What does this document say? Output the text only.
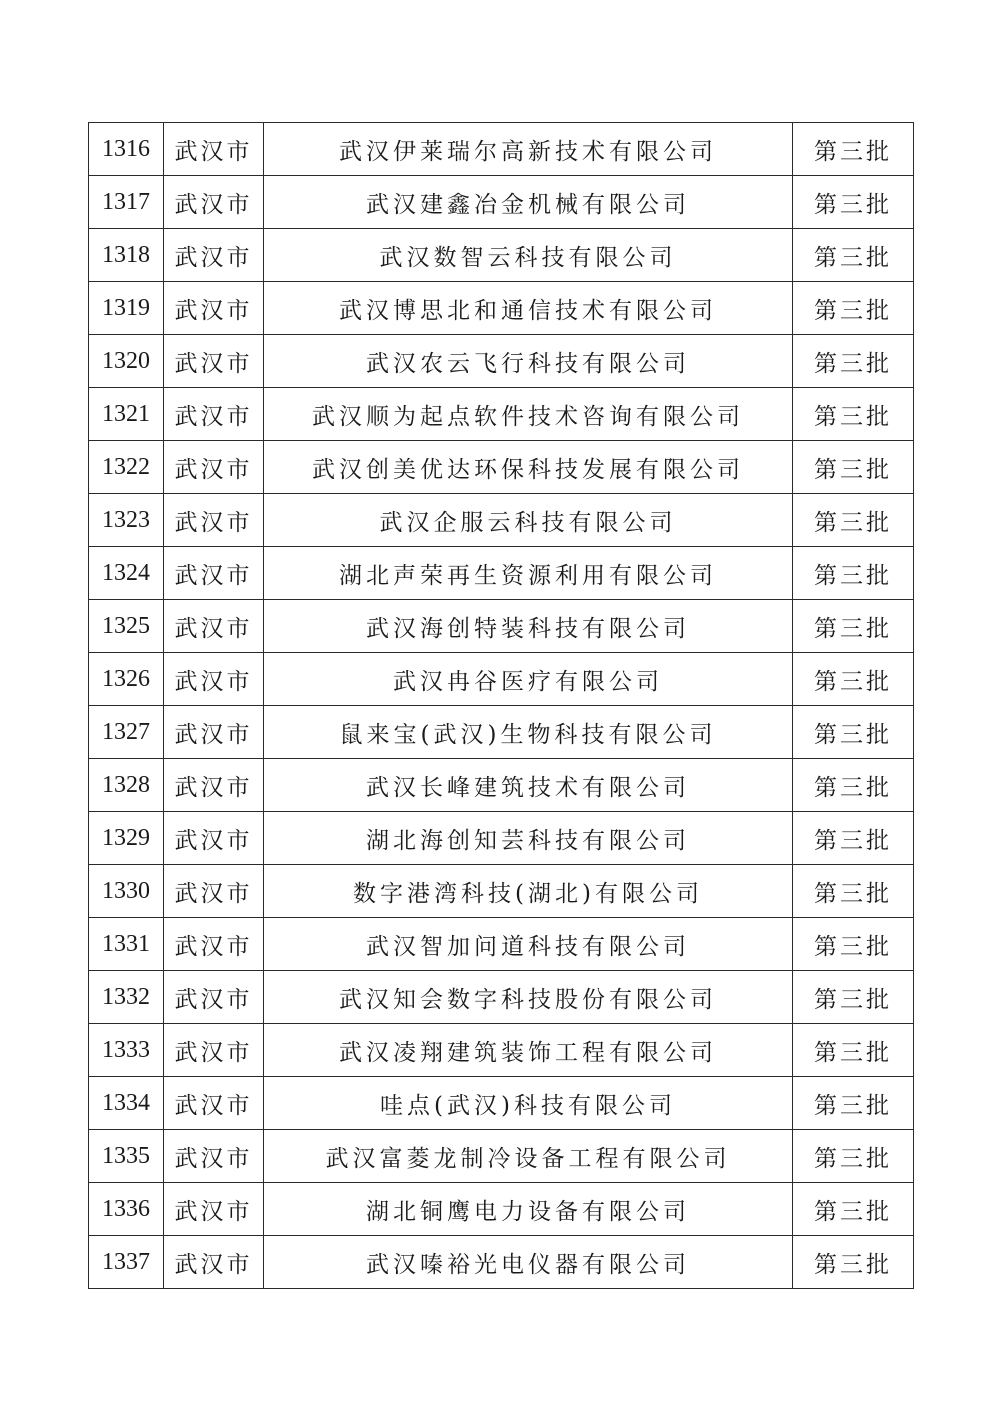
1316	武汉市	武汉伊莱瑞尔高新技术有限公司	第三批
1317	武汉市	武汉建鑫冶金机械有限公司	第三批
1318	武汉市	武汉数智云科技有限公司	第三批
1319	武汉市	武汉博思北和通信技术有限公司	第三批
1320	武汉市	武汉农云飞行科技有限公司	第三批
1321	武汉市	武汉顺为起点软件技术咨询有限公司	第三批
1322	武汉市	武汉创美优达环保科技发展有限公司	第三批
1323	武汉市	武汉企服云科技有限公司	第三批
1324	武汉市	湖北声荣再生资源利用有限公司	第三批
1325	武汉市	武汉海创特装科技有限公司	第三批
1326	武汉市	武汉冉谷医疗有限公司	第三批
1327	武汉市	鼠来宝(武汉)生物科技有限公司	第三批
1328	武汉市	武汉长峰建筑技术有限公司	第三批
1329	武汉市	湖北海创知芸科技有限公司	第三批
1330	武汉市	数字港湾科技(湖北)有限公司	第三批
1331	武汉市	武汉智加问道科技有限公司	第三批
1332	武汉市	武汉知会数字科技股份有限公司	第三批
1333	武汉市	武汉凌翔建筑装饰工程有限公司	第三批
1334	武汉市	哇点(武汉)科技有限公司	第三批
1335	武汉市	武汉富菱龙制冷设备工程有限公司	第三批
1336	武汉市	湖北铜鹰电力设备有限公司	第三批
1337	武汉市	武汉嗪裕光电仪器有限公司	第三批
